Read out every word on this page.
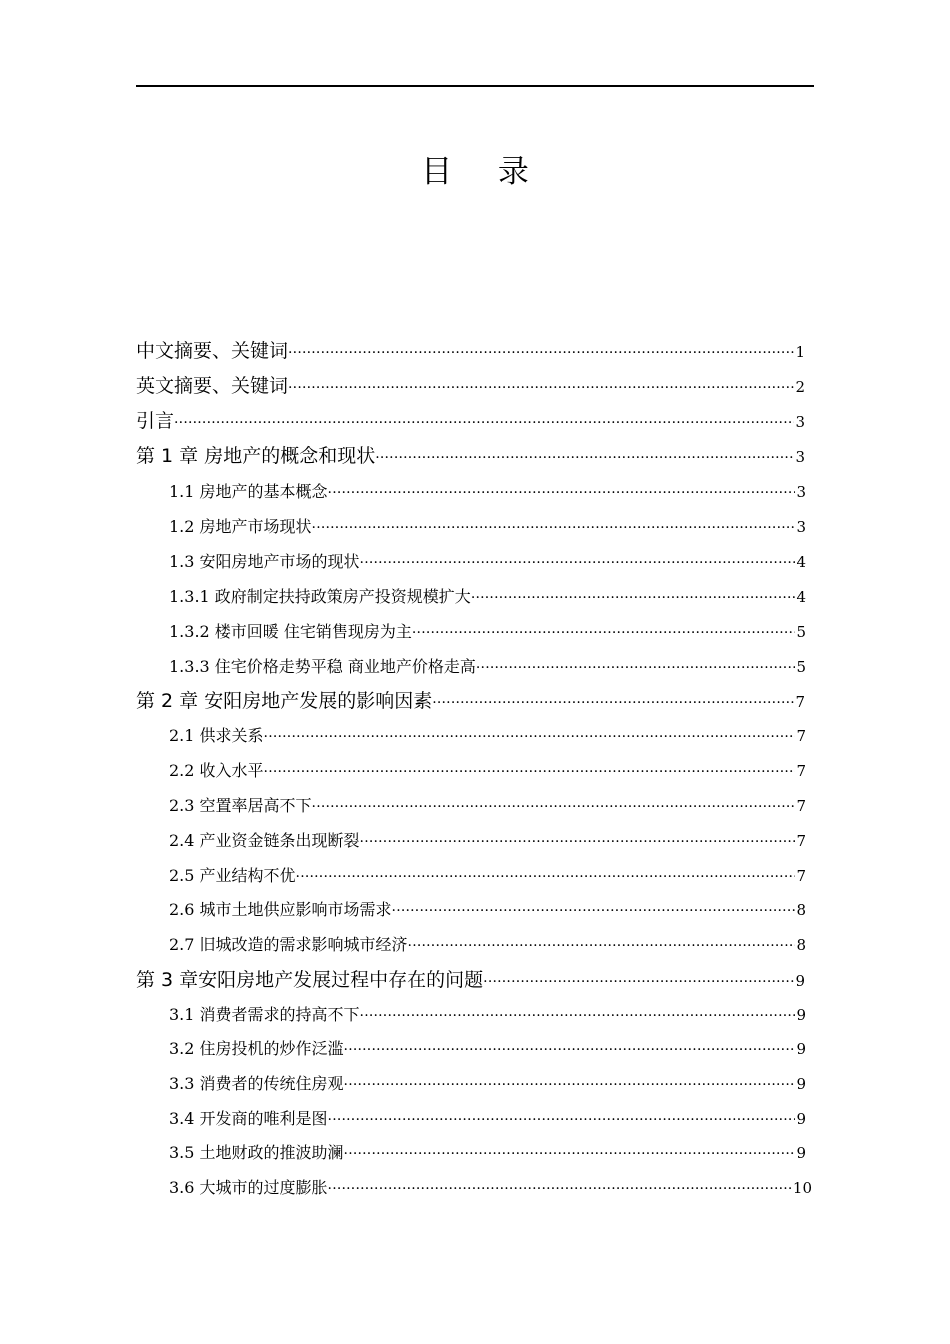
目 录
中文摘要、关键词 ·····	1
英文摘要、关键词 ·····	2
引言 ·····	3
第 1 章 房地产的概念和现状 ·····	3
1.1 房地产的基本概念 ·····	3
1.2 房地产市场现状 ·····	3
1.3 安阳房地产市场的现状 ·····	4
1.3.1 政府制定扶持政策房产投资规模扩大 ·····	4
1.3.2 楼市回暖 住宅销售现房为主 ·····	5
1.3.3 住宅价格走势平稳 商业地产价格走高 ·····	5
第 2 章 安阳房地产发展的影响因素 ·····	7
2.1 供求关系 ·····	7
2.2 收入水平 ·····	7
2.3 空置率居高不下 ·····	7
2.4 产业资金链条出现断裂 ·····	7
2.5 产业结构不优 ·····	7
2.6 城市土地供应影响市场需求 ·····	8
2.7 旧城改造的需求影响城市经济 ·····	8
第 3 章安阳房地产发展过程中存在的问题 ·····	9
3.1 消费者需求的持高不下 ·····	9
3.2 住房投机的炒作泛滥 ·····	9
3.3 消费者的传统住房观 ·····	9
3.4 开发商的唯利是图 ·····	9
3.5 土地财政的推波助澜 ·····	9
3.6 大城市的过度膨胀 ·····	10
